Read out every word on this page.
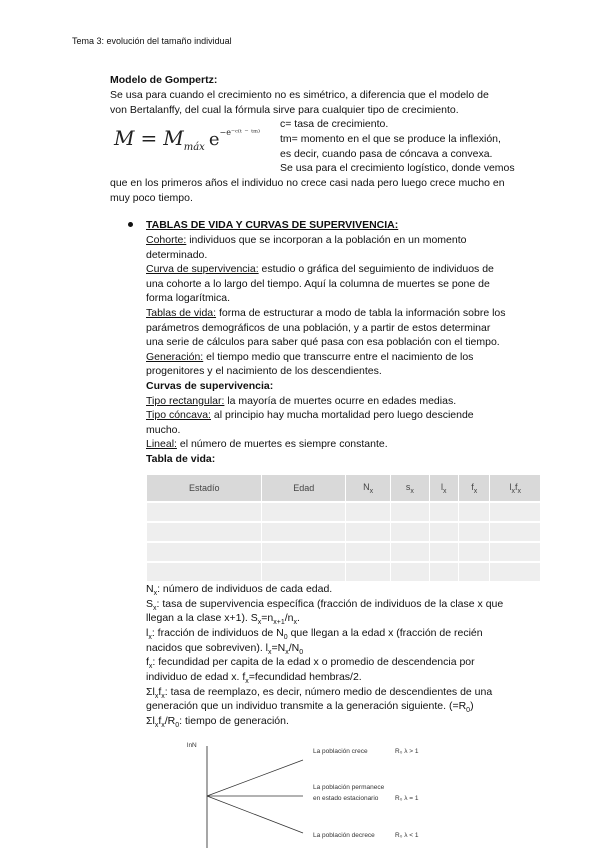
Tema 3: evolución del tamaño individual
Modelo de Gompertz:
Se usa para cuando el crecimiento no es simétrico, a diferencia que el modelo de
von Bertalanffy, del cual la fórmula sirve para cualquier tipo de crecimiento.
$M = M_{máx}$ $e^{-e^-ᶜ^(ᵗ ^- ᵗᵐ^)}$
c= tasa de crecimiento.
tm= momento en el que se produce la inflexión,
es decir, cuando pasa de cóncava a convexa.
Se usa para el crecimiento logístico, donde vemos
que en los primeros años el individuo no crece casi nada pero luego crece mucho en
muy poco tiempo.
TABLAS DE VIDA Y CURVAS DE SUPERVIVENCIA:
Cohorte: individuos que se incorporan a la población en un momento
determinado.
Curva de supervivencia: estudio o gráfica del seguimiento de individuos de
una cohorte a lo largo del tiempo. Aquí la columna de muertes se pone de
forma logarítmica.
Tablas de vida: forma de estructurar a modo de tabla la información sobre los
parámetros demográficos de una población, y a partir de estos determinar
una serie de cálculos para saber qué pasa con esa población con el tiempo.
Generación: el tiempo medio que transcurre entre el nacimiento de los
progenitores y el nacimiento de los descendientes.
Curvas de supervivencia:
Tipo rectangular: la mayoría de muertes ocurre en edades medias.
Tipo cóncava: al principio hay mucha mortalidad pero luego desciende
mucho.
Lineal: el número de muertes es siempre constante.
Tabla de vida:
Estadío	Edad	$N_x$	$s_x$	$l_x$	$f_x$	$l_xf_x$

$N_x$: número de individuos de cada edad.
$S_x$: tasa de supervivencia específica (fracción de individuos de la clase x que
llegan a la clase x+1). $S_x=n_{x+1}/n_x$.
$l_x$: fracción de individuos de $N_0$ que llegan a la edad x (fracción de recién
nacidos que sobreviven). $l_x=N_x/N_0$
$f_x$: fecundidad per capita de la edad x o promedio de descendencia por
individuo de edad x. $f_x=fecundidad$ hembras/2.
$\Sigma l_xf_x$: tasa de reemplazo, es decir, número medio de descendientes de una
generación que un individuo transmite a la generación siguiente. $(=R_0)$
$\Sigma l_xf_x/R_0$: tiempo de generación.
lnN
La población crece	R₀ λ > 1
La población permanece
en estado estacionario	R₀ λ = 1
La población decrece	R₀ λ < 1
